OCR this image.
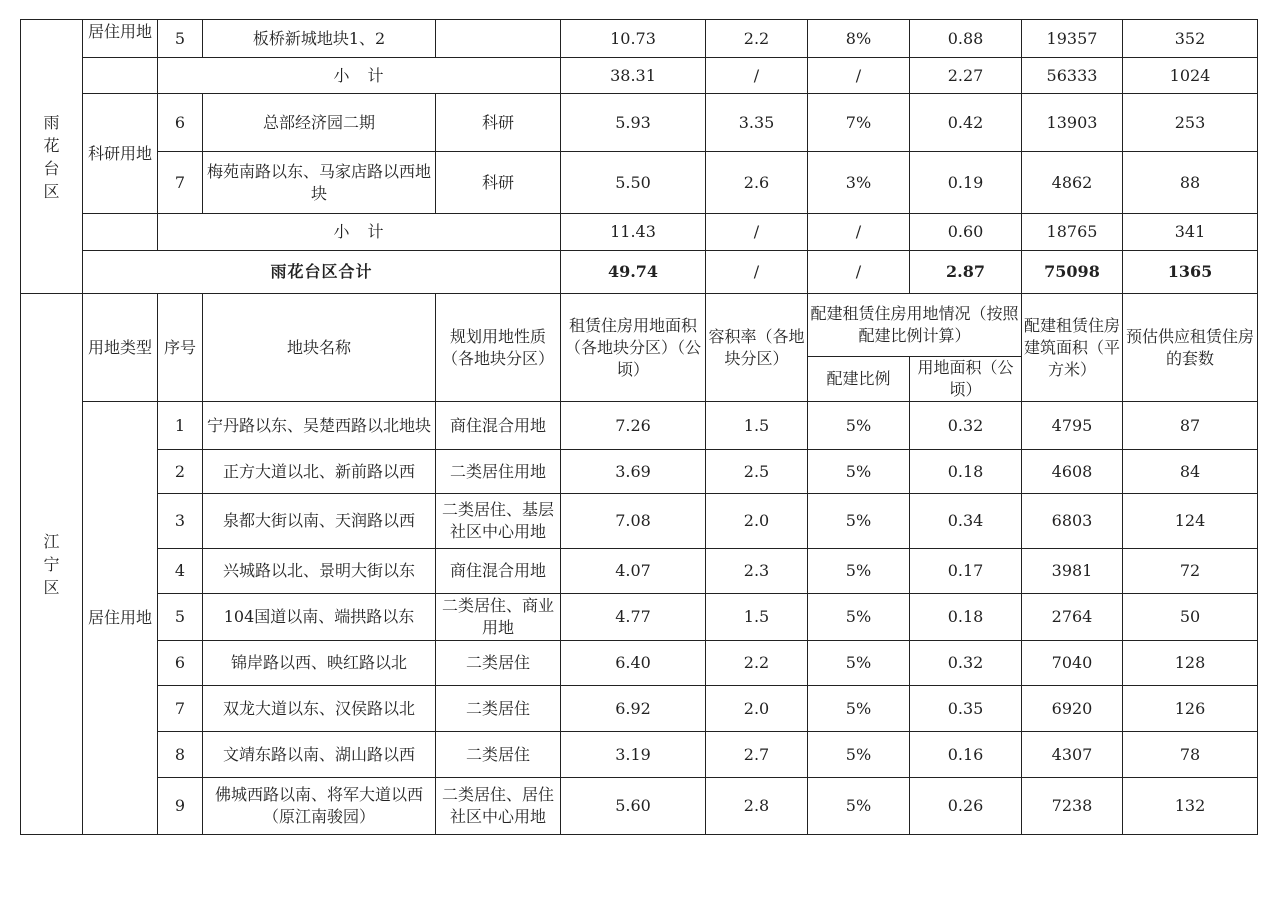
雨花台区	居住用地	5	板桥新城地块1、2		10.73	2.2	8%	0.88	19357	352
		小　计			38.31	/	/	2.27	56333	1024
	科研用地	6	总部经济园二期	科研	5.93	3.35	7%	0.42	13903	253
		7	梅苑南路以东、马家店路以西地块	科研	5.50	2.6	3%	0.19	4862	88
		小　计			11.43	/	/	0.60	18765	341
	雨花台区合计				49.74	/	/	2.87	75098	1365
江宁区	用地类型	序号	地块名称	规划用地性质（各地块分区）	租赁住房用地面积（各地块分区）（公顷）	容积率（各地块分区）	配建租赁住房用地情况（按照配建比例计算）		配建租赁住房建筑面积（平方米）	预估供应租赁住房的套数
							配建比例	用地面积（公顷）		
	居住用地	1	宁丹路以东、吴楚西路以北地块	商住混合用地	7.26	1.5	5%	0.32	4795	87
		2	正方大道以北、新前路以西	二类居住用地	3.69	2.5	5%	0.18	4608	84
		3	泉都大街以南、天润路以西	二类居住、基层社区中心用地	7.08	2.0	5%	0.34	6803	124
		4	兴城路以北、景明大街以东	商住混合用地	4.07	2.3	5%	0.17	3981	72
		5	104国道以南、端拱路以东	二类居住、商业用地	4.77	1.5	5%	0.18	2764	50
		6	锦岸路以西、映红路以北	二类居住	6.40	2.2	5%	0.32	7040	128
		7	双龙大道以东、汉侯路以北	二类居住	6.92	2.0	5%	0.35	6920	126
		8	文靖东路以南、湖山路以西	二类居住	3.19	2.7	5%	0.16	4307	78
		9	佛城西路以南、将军大道以西（原江南骏园）	二类居住、居住社区中心用地	5.60	2.8	5%	0.26	7238	132
